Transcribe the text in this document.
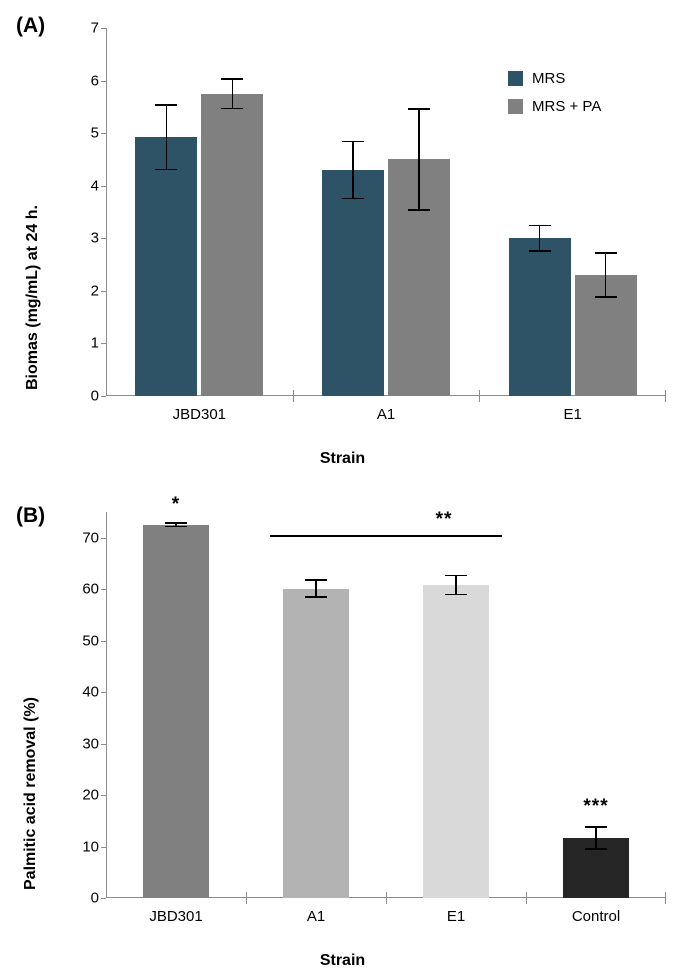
(A)
Biomas (mg/mL) at 24 h.
0
1
2
3
4
5
6
7
JBD301	A1	E1
Strain
MRS
MRS + PA
(B)
Palmitic acid removal (%)
0
10
20
30
40
50
60
70
JBD301	A1	E1	Control
*
**
***
Strain
